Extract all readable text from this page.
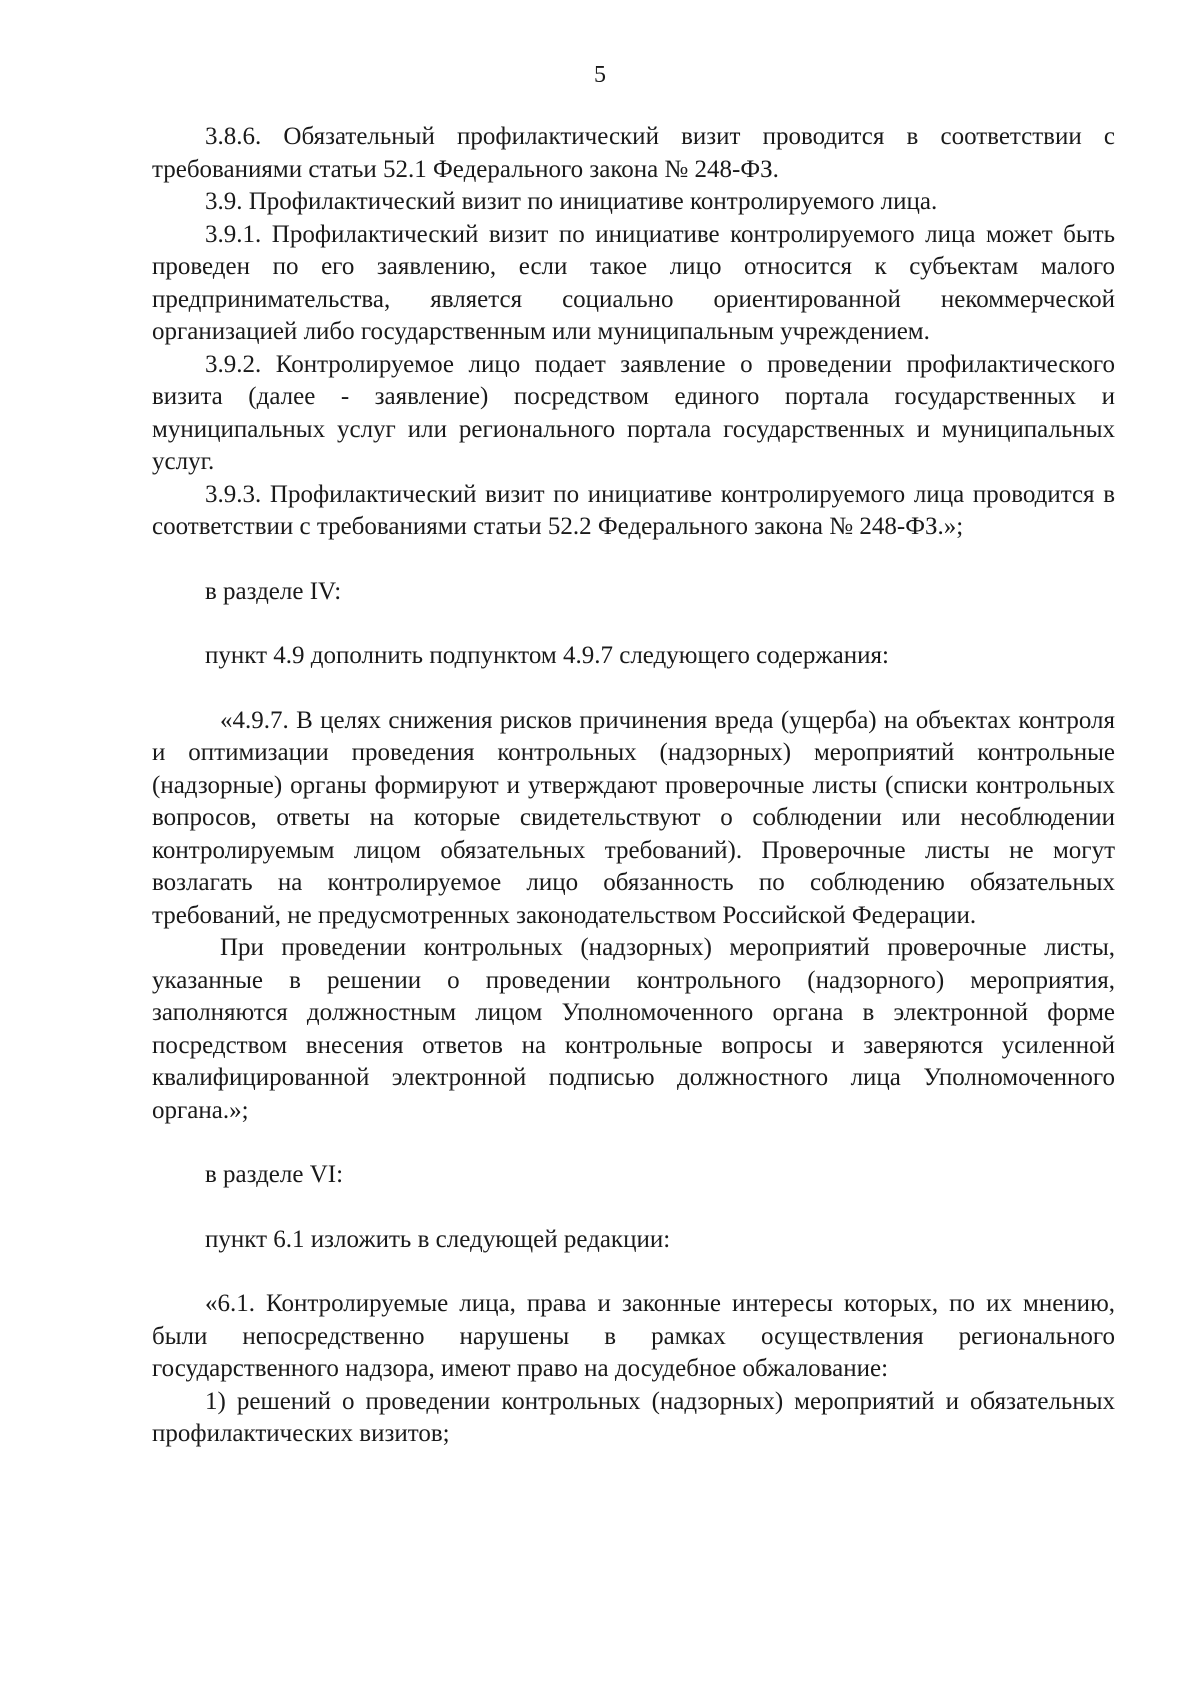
5

3.8.6. Обязательный профилактический визит проводится в соответствии с требованиями статьи 52.1 Федерального закона № 248-ФЗ.

3.9. Профилактический визит по инициативе контролируемого лица.

3.9.1. Профилактический визит по инициативе контролируемого лица может быть проведен по его заявлению, если такое лицо относится к субъектам малого предпринимательства, является социально ориентированной некоммерческой организацией либо государственным или муниципальным учреждением.

3.9.2. Контролируемое лицо подает заявление о проведении профилактического визита (далее - заявление) посредством единого портала государственных и муниципальных услуг или регионального портала государственных и муниципальных услуг.

3.9.3. Профилактический визит по инициативе контролируемого лица проводится в соответствии с требованиями статьи 52.2 Федерального закона № 248-ФЗ.»;

в разделе IV:

пункт 4.9 дополнить подпунктом 4.9.7 следующего содержания:

«4.9.7. В целях снижения рисков причинения вреда (ущерба) на объектах контроля и оптимизации проведения контрольных (надзорных) мероприятий контрольные (надзорные) органы формируют и утверждают проверочные листы (списки контрольных вопросов, ответы на которые свидетельствуют о соблюдении или несоблюдении контролируемым лицом обязательных требований). Проверочные листы не могут возлагать на контролируемое лицо обязанность по соблюдению обязательных требований, не предусмотренных законодательством Российской Федерации.

При проведении контрольных (надзорных) мероприятий проверочные листы, указанные в решении о проведении контрольного (надзорного) мероприятия, заполняются должностным лицом Уполномоченного органа в электронной форме посредством внесения ответов на контрольные вопросы и заверяются усиленной квалифицированной электронной подписью должностного лица Уполномоченного органа.»;

в разделе VI:

пункт 6.1 изложить в следующей редакции:

«6.1. Контролируемые лица, права и законные интересы которых, по их мнению, были непосредственно нарушены в рамках осуществления регионального государственного надзора, имеют право на досудебное обжалование:

1) решений о проведении контрольных (надзорных) мероприятий и обязательных профилактических визитов;
